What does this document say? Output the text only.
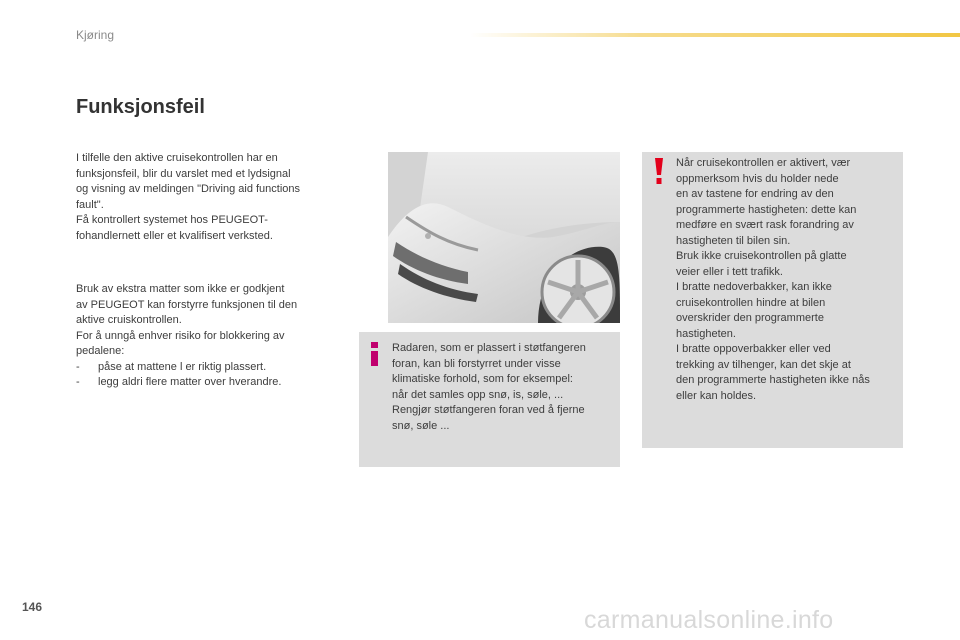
Kjøring
Funksjonsfeil

I tilfelle den aktive cruisekontrollen har en
funksjonsfeil, blir du varslet med et lydsignal
og visning av meldingen "Driving aid functions
fault".
Få kontrollert systemet hos PEUGEOT-
fohandlernett eller et kvalifisert verksted.

Bruk av ekstra matter som ikke er godkjent
av PEUGEOT kan forstyrre funksjonen til den
aktive cruiskontrollen.
For å unngå enhver risiko for blokkering av
pedalene:
- påse at mattene l er riktig plassert.
- legg aldri flere matter over hverandre.

Radaren, som er plassert i støtfangeren
foran, kan bli forstyrret under visse
klimatiske forhold, som for eksempel:
når det samles opp snø, is, søle, ...
Rengjør støtfangeren foran ved å fjerne
snø, søle ...

Når cruisekontrollen er aktivert, vær
oppmerksom hvis du holder nede
en av tastene for endring av den
programmerte hastigheten: dette kan
medføre en svært rask forandring av
hastigheten til bilen sin.
Bruk ikke cruisekontrollen på glatte
veier eller i tett trafikk.
I bratte nedoverbakker, kan ikke
cruisekontrollen hindre at bilen
overskrider den programmerte
hastigheten.
I bratte oppoverbakker eller ved
trekking av tilhenger, kan det skje at
den programmerte hastigheten ikke nås
eller kan holdes.

146	carmanualsonline.info
